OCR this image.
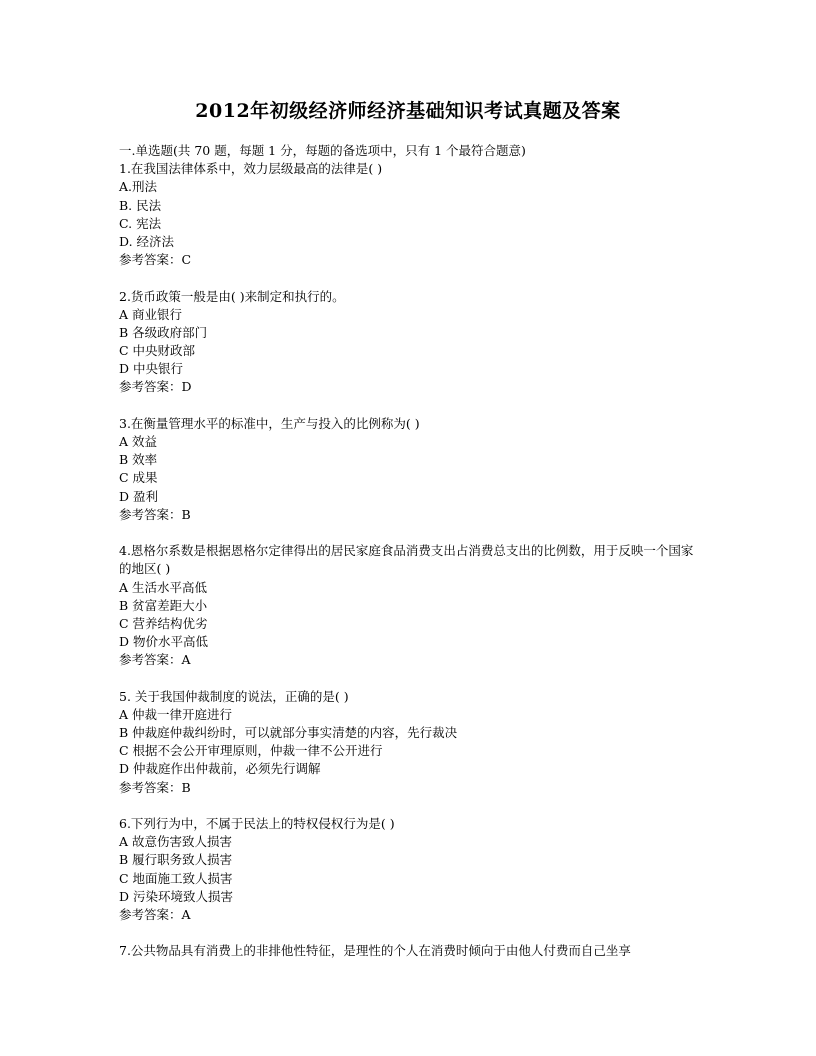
2012年初级经济师经济基础知识考试真题及答案
一.单选题(共 70 题，每题 1 分，每题的备选项中，只有 1 个最符合题意)
1.在我国法律体系中，效力层级最高的法律是( )
A.刑法
B. 民法
C. 宪法
D. 经济法
参考答案：C
2.货币政策一般是由( )来制定和执行的。
A 商业银行
B 各级政府部门
C 中央财政部
D 中央银行
参考答案：D
3.在衡量管理水平的标准中，生产与投入的比例称为( )
A 效益
B 效率
C 成果
D 盈利
参考答案：B
4.恩格尔系数是根据恩格尔定律得出的居民家庭食品消费支出占消费总支出的比例数，用于反映一个国家的地区( )
A 生活水平高低
B 贫富差距大小
C 营养结构优劣
D 物价水平高低
参考答案：A
5. 关于我国仲裁制度的说法，正确的是( )
A 仲裁一律开庭进行
B 仲裁庭仲裁纠纷时，可以就部分事实清楚的内容，先行裁决
C 根据不会公开审理原则，仲裁一律不公开进行
D 仲裁庭作出仲裁前，必须先行调解
参考答案：B
6.下列行为中，不属于民法上的特权侵权行为是( )
A 故意伤害致人损害
B 履行职务致人损害
C 地面施工致人损害
D 污染环境致人损害
参考答案：A
7.公共物品具有消费上的非排他性特征，是理性的个人在消费时倾向于由他人付费而自己坐享
